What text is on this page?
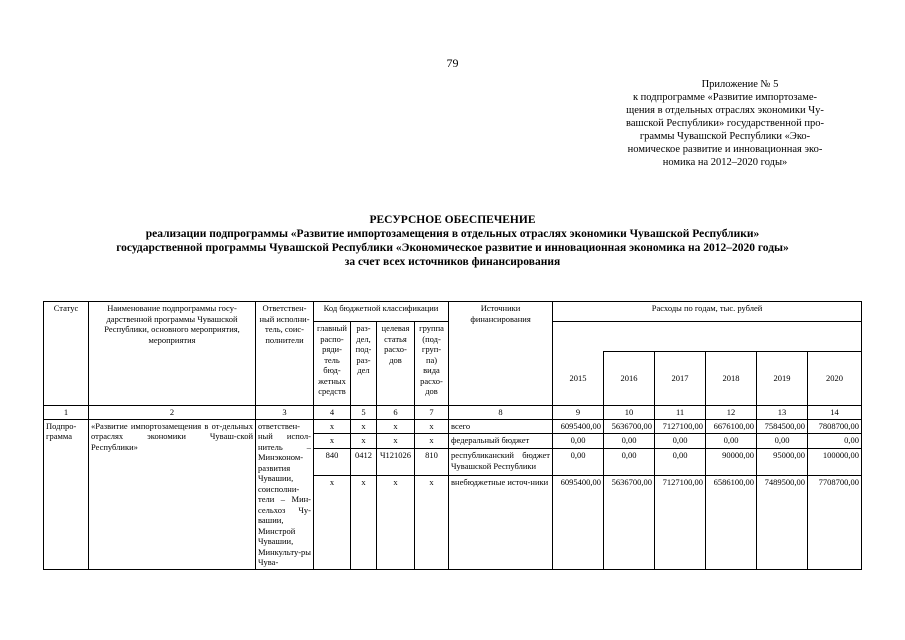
79
Приложение № 5
к подпрограмме «Развитие импортозаме-
щения в отдельных отраслях экономики Чу-
вашской Республики» государственной про-
граммы Чувашской Республики «Эко-
номическое развитие и инновационная эко-
номика на 2012–2020 годы»
РЕСУРСНОЕ ОБЕСПЕЧЕНИЕ
реализации подпрограммы «Развитие импортозамещения в отдельных отраслях экономики Чувашской Республики»
государственной программы Чувашской Республики «Экономическое развитие и инновационная экономика на 2012–2020 годы»
за счет всех источников финансирования
Статус	Наименование подпрограммы госу-дарственной программы Чувашской Республики, основного мероприятия, мероприятия	Ответствен-ный исполни-тель, соис-полнители	Код бюджетной классификации				Источники финансирования	Расходы по годам, тыс. рублей					
			главный распо-ряди-тель бюд-жетных средств	раз-дел, под-раз-дел	целевая статья расхо-дов	группа (под-груп-па) вида расхо-дов							
								2015	2016	2017	2018	2019	2020
1	2	3	4	5	6	7	8	9	10	11	12	13	14
Подпро-грамма	«Развитие импортозамещения в от-дельных отраслях экономики Чуваш-ской Республики»	ответствен-ный испол-нитель – Минэконом-развития Чувашии, соисполни-тели – Мин-сельхоз Чу-вашии, Минстрой Чувашии, Минкульту-ры Чува-	x	x	x	x	всего	6095400,00	5636700,00	7127100,00	6676100,00	7584500,00	7808700,00
			x	x	x	x	федеральный бюджет	0,00	0,00	0,00	0,00	0,00	0,00
			840	0412	Ч121026	810	республиканский бюджет Чувашской Республики	0,00	0,00	0,00	90000,00	95000,00	100000,00
			x	x	x	x	внебюджетные источ-ники	6095400,00	5636700,00	7127100,00	6586100,00	7489500,00	7708700,00
